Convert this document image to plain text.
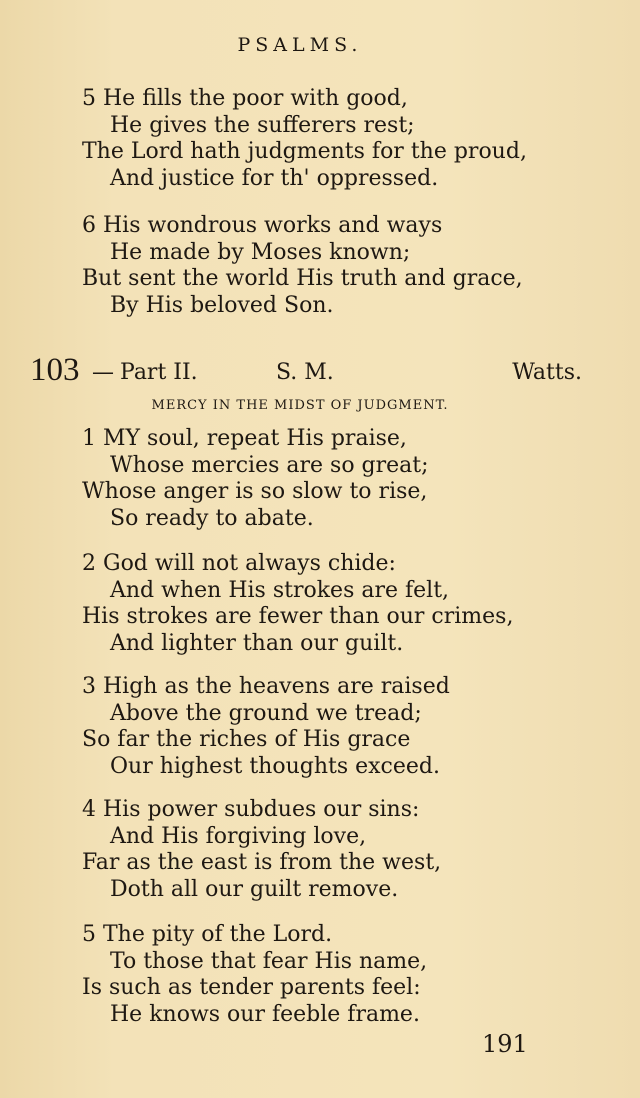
PSALMS.
5 He fills the poor with good,
He gives the sufferers rest;
The Lord hath judgments for the proud,
And justice for th' oppressed.
6 His wondrous works and ways
He made by Moses known;
But sent the world His truth and grace,
By His beloved Son.
103 — Part II.	S. M.	Watts.
MERCY IN THE MIDST OF JUDGMENT.
1 MY soul, repeat His praise,
Whose mercies are so great;
Whose anger is so slow to rise,
So ready to abate.
2 God will not always chide:
And when His strokes are felt,
His strokes are fewer than our crimes,
And lighter than our guilt.
3 High as the heavens are raised
Above the ground we tread;
So far the riches of His grace
Our highest thoughts exceed.
4 His power subdues our sins:
And His forgiving love,
Far as the east is from the west,
Doth all our guilt remove.
5 The pity of the Lord.
To those that fear His name,
Is such as tender parents feel:
He knows our feeble frame.
191
